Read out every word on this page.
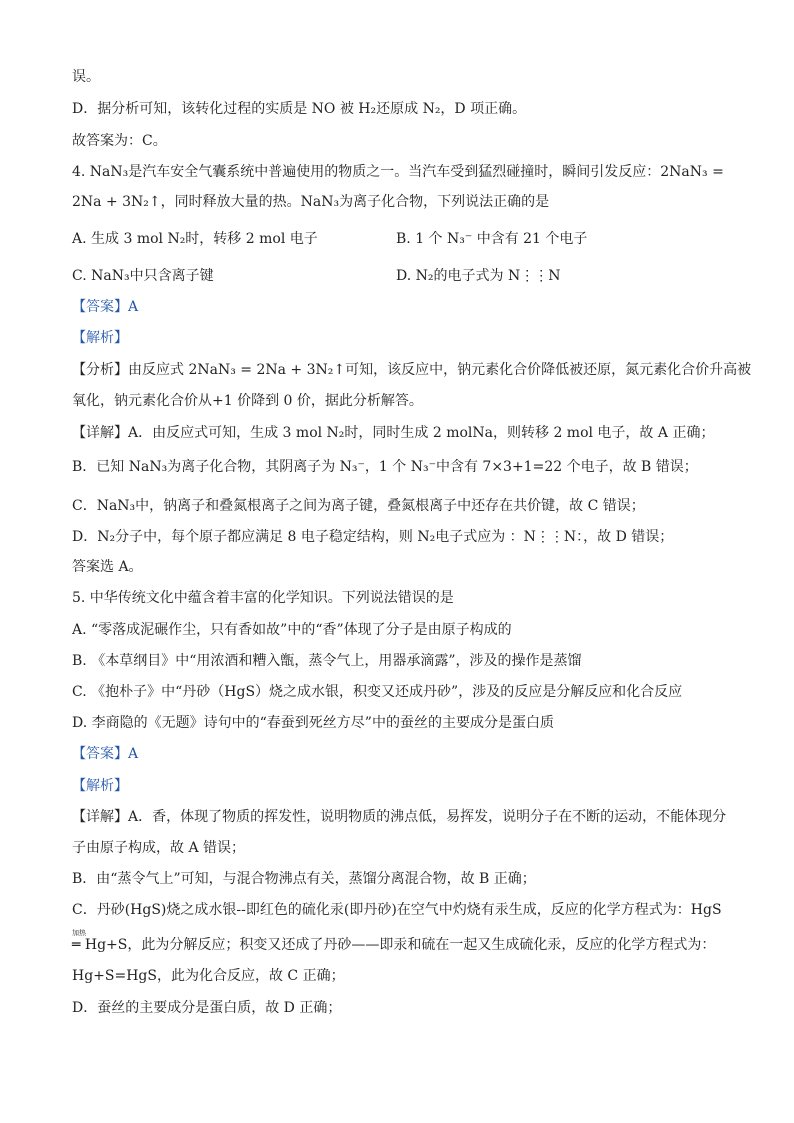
误。
D．据分析可知，该转化过程的实质是 NO 被 H₂还原成 N₂，D 项正确。
故答案为：C。
4. NaN₃是汽车安全气囊系统中普遍使用的物质之一。当汽车受到猛烈碰撞时，瞬间引发反应：2NaN₃ =
2Na + 3N₂↑，同时释放大量的热。NaN₃为离子化合物，下列说法正确的是
A. 生成 3 mol N₂时，转移 2 mol 电子	B. 1 个 N₃⁻ 中含有 21 个电子
C. NaN₃中只含离子键	D. N₂的电子式为 N⋮⋮N
【答案】A
【解析】
【分析】由反应式 2NaN₃ = 2Na + 3N₂↑可知，该反应中，钠元素化合价降低被还原，氮元素化合价升高被
氧化，钠元素化合价从+1 价降到 0 价，据此分析解答。
【详解】A．由反应式可知，生成 3 mol N₂时，同时生成 2 molNa，则转移 2 mol 电子，故 A 正确；
B．已知 NaN₃为离子化合物，其阴离子为 N₃⁻，1 个 N₃⁻中含有 7×3+1=22 个电子，故 B 错误；
C．NaN₃中，钠离子和叠氮根离子之间为离子键，叠氮根离子中还存在共价键，故 C 错误；
D．N₂分子中，每个原子都应满足 8 电子稳定结构，则 N₂电子式应为 ：N⋮⋮N：，故 D 错误；
答案选 A。
5. 中华传统文化中蕴含着丰富的化学知识。下列说法错误的是
A. “零落成泥碾作尘，只有香如故”中的“香”体现了分子是由原子构成的
B. 《本草纲目》中“用浓酒和糟入甑，蒸令气上，用器承滴露”，涉及的操作是蒸馏
C. 《抱朴子》中“丹砂（HgS）烧之成水银，积变又还成丹砂”，涉及的反应是分解反应和化合反应
D. 李商隐的《无题》诗句中的“春蚕到死丝方尽”中的蚕丝的主要成分是蛋白质
【答案】A
【解析】
【详解】A．香，体现了物质的挥发性，说明物质的沸点低，易挥发，说明分子在不断的运动，不能体现分
子由原子构成，故 A 错误；
B．由“蒸令气上”可知，与混合物沸点有关，蒸馏分离混合物，故 B 正确；
C．丹砂(HgS)烧之成水银--即红色的硫化汞(即丹砂)在空气中灼烧有汞生成，反应的化学方程式为：HgS
加热
═ Hg+S，此为分解反应；积变又还成了丹砂——即汞和硫在一起又生成硫化汞，反应的化学方程式为：
Hg+S=HgS，此为化合反应，故 C 正确；
D．蚕丝的主要成分是蛋白质，故 D 正确；
